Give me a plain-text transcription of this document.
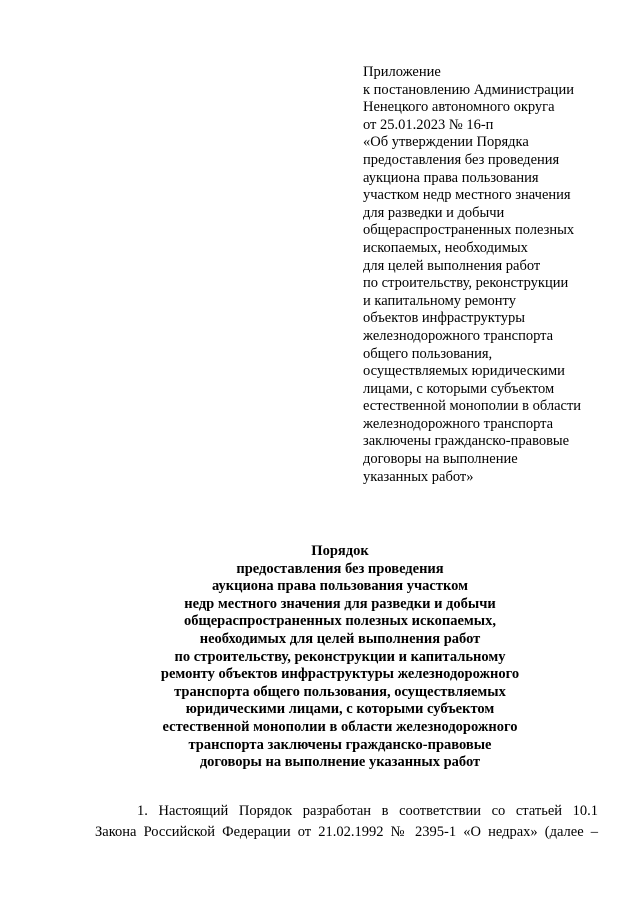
Приложение
к постановлению Администрации
Ненецкого автономного округа
от 25.01.2023 № 16-п
«Об утверждении Порядка
предоставления без проведения
аукциона права пользования
участком недр местного значения
для разведки и добычи
общераспространенных полезных
ископаемых, необходимых
для целей выполнения работ
по строительству, реконструкции
и капитальному ремонту
объектов инфраструктуры
железнодорожного транспорта
общего пользования,
осуществляемых юридическими
лицами, с которыми субъектом
естественной монополии в области
железнодорожного транспорта
заключены гражданско-правовые
договоры на выполнение
указанных работ»
Порядок
предоставления без проведения
аукциона права пользования участком
недр местного значения для разведки и добычи
общераспространенных полезных ископаемых,
необходимых для целей выполнения работ
по строительству, реконструкции и капитальному
ремонту объектов инфраструктуры железнодорожного
транспорта общего пользования, осуществляемых
юридическими лицами, с которыми субъектом
естественной монополии в области железнодорожного
транспорта заключены гражданско-правовые
договоры на выполнение указанных работ
1. Настоящий Порядок разработан в соответствии со статьей 10.1
Закона Российской Федерации от 21.02.1992 № 2395-1 «О недрах» (далее –
